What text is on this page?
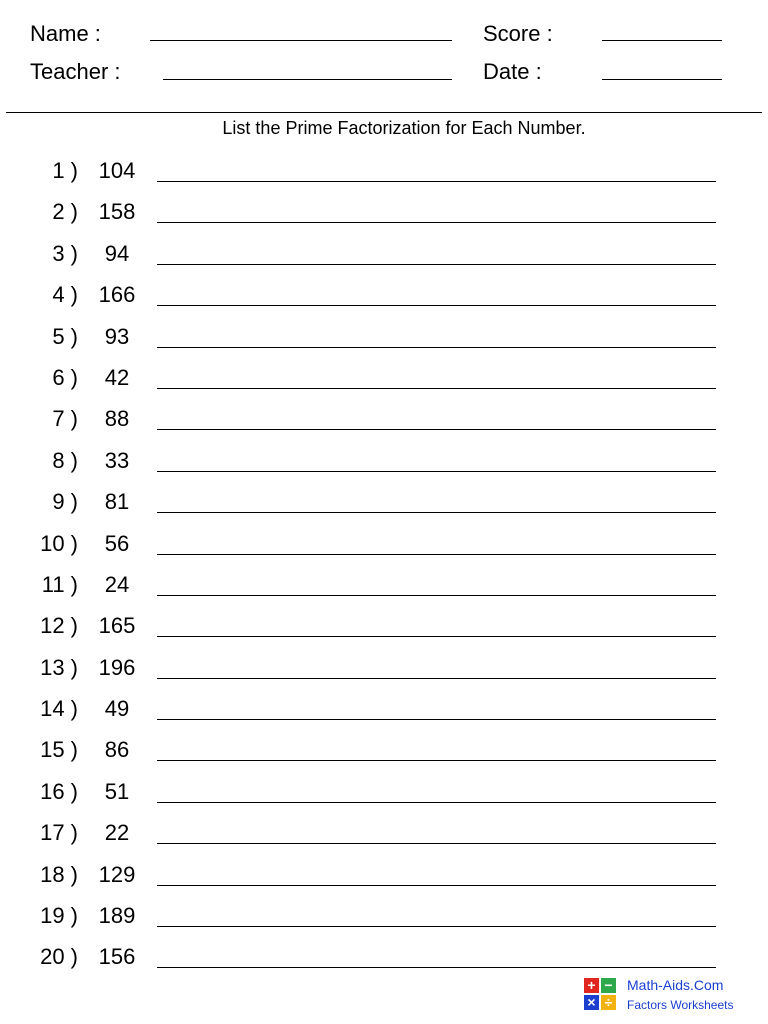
Name :
Teacher :
Score :
Date :
List the Prime Factorization for Each Number.
1 ) 104
2 ) 158
3 )	94
4 ) 166
5 )	93
6 )	42
7 )	88
8 )	33
9 )	81
10 )	56
11 )	24
12 ) 165
13 ) 196
14 )	49
15 )	86
16 )	51
17 )	22
18 ) 129
19 ) 189
20 ) 156
+ −
× ÷
Math-Aids.Com
Factors Worksheets
